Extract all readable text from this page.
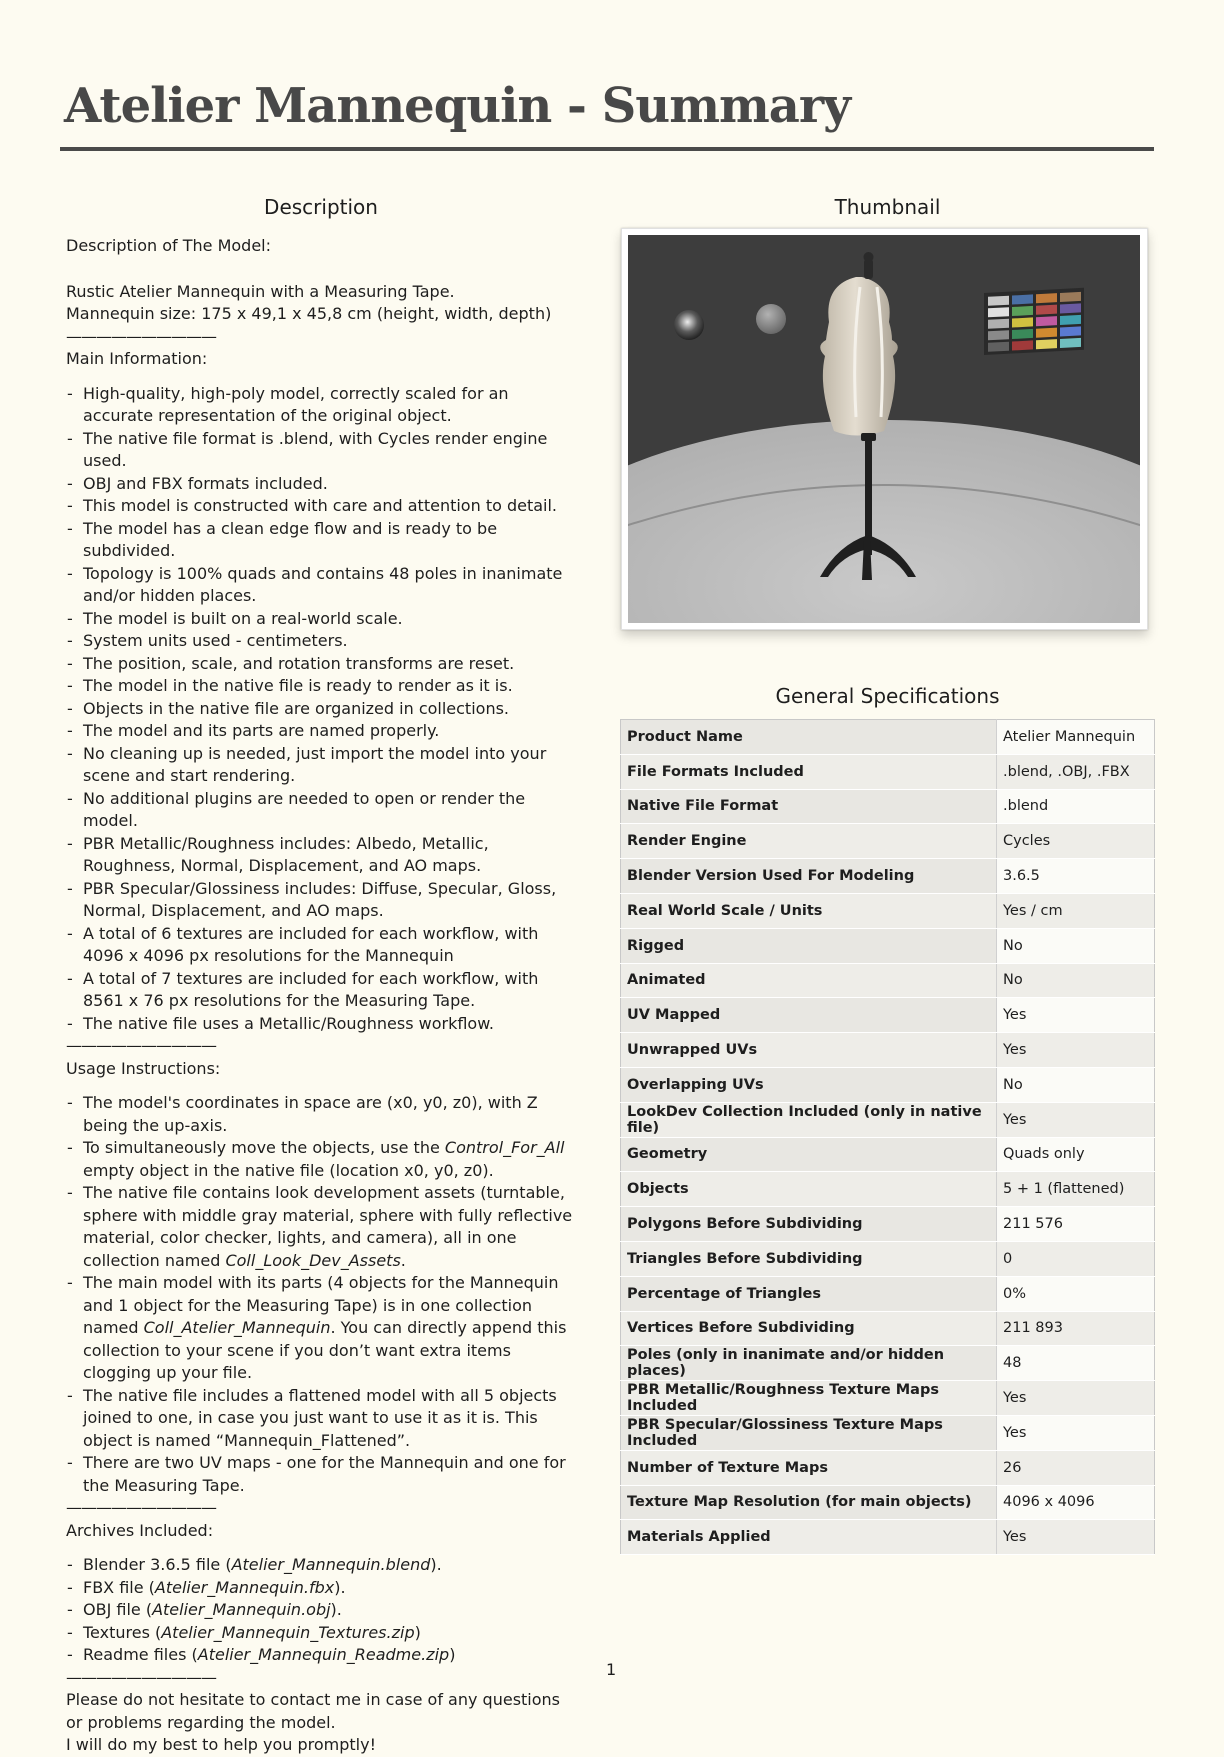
Atelier Mannequin - Summary
Description

Description of The Model:

Rustic Atelier Mannequin with a Measuring Tape.

Mannequin size: 175 x 49,1 x 45,8 cm (height, width, depth)

——————————

Main Information:

- High-quality, high-poly model, correctly scaled for an accurate representation of the original object.
- The native file format is .blend, with Cycles render engine used.
- OBJ and FBX formats included.
- This model is constructed with care and attention to detail.
- The model has a clean edge flow and is ready to be subdivided.
- Topology is 100% quads and contains 48 poles in inanimate and/or hidden places.
- The model is built on a real-world scale.
- System units used - centimeters.
- The position, scale, and rotation transforms are reset.
- The model in the native file is ready to render as it is.
- Objects in the native file are organized in collections.
- The model and its parts are named properly.
- No cleaning up is needed, just import the model into your scene and start rendering.
- No additional plugins are needed to open or render the model.
- PBR Metallic/Roughness includes: Albedo, Metallic, Roughness, Normal, Displacement, and AO maps.
- PBR Specular/Glossiness includes: Diffuse, Specular, Gloss, Normal, Displacement, and AO maps.
- A total of 6 textures are included for each workflow, with 4096 x 4096 px resolutions for the Mannequin
- A total of 7 textures are included for each workflow, with 8561 x 76 px resolutions for the Measuring Tape.
- The native file uses a Metallic/Roughness workflow.

——————————

Usage Instructions:

- The model's coordinates in space are (x0, y0, z0), with Z being the up-axis.
- To simultaneously move the objects, use the Control_For_All empty object in the native file (location x0, y0, z0).
- The native file contains look development assets (turntable, sphere with middle gray material, sphere with fully reflective material, color checker, lights, and camera), all in one collection named Coll_Look_Dev_Assets.
- The main model with its parts (4 objects for the Mannequin and 1 object for the Measuring Tape) is in one collection named Coll_Atelier_Mannequin. You can directly append this collection to your scene if you don’t want extra items clogging up your file.
- The native file includes a flattened model with all 5 objects joined to one, in case you just want to use it as it is. This object is named “Mannequin_Flattened”.
- There are two UV maps - one for the Mannequin and one for the Measuring Tape.

——————————

Archives Included:

- Blender 3.6.5 file (Atelier_Mannequin.blend).
- FBX file (Atelier_Mannequin.fbx).
- OBJ file (Atelier_Mannequin.obj).
- Textures (Atelier_Mannequin_Textures.zip)
- Readme files (Atelier_Mannequin_Readme.zip)

——————————

Please do not hesitate to contact me in case of any questions or problems regarding the model.

I will do my best to help you promptly!

Thumbnail
General Specifications
Product Name	Atelier Mannequin
File Formats Included	.blend, .OBJ, .FBX
Native File Format	.blend
Render Engine	Cycles
Blender Version Used For Modeling	3.6.5
Real World Scale / Units	Yes / cm
Rigged	No
Animated	No
UV Mapped	Yes
Unwrapped UVs	Yes
Overlapping UVs	No
LookDev Collection Included (only in native file)	Yes
Geometry	Quads only
Objects	5 + 1 (flattened)
Polygons Before Subdividing	211 576
Triangles Before Subdividing	0
Percentage of Triangles	0%
Vertices Before Subdividing	211 893
Poles (only in inanimate and/or hidden places)	48
PBR Metallic/Roughness Texture Maps Included	Yes
PBR Specular/Glossiness Texture Maps Included	Yes
Number of Texture Maps	26
Texture Map Resolution (for main objects)	4096 x 4096
Materials Applied	Yes
1
